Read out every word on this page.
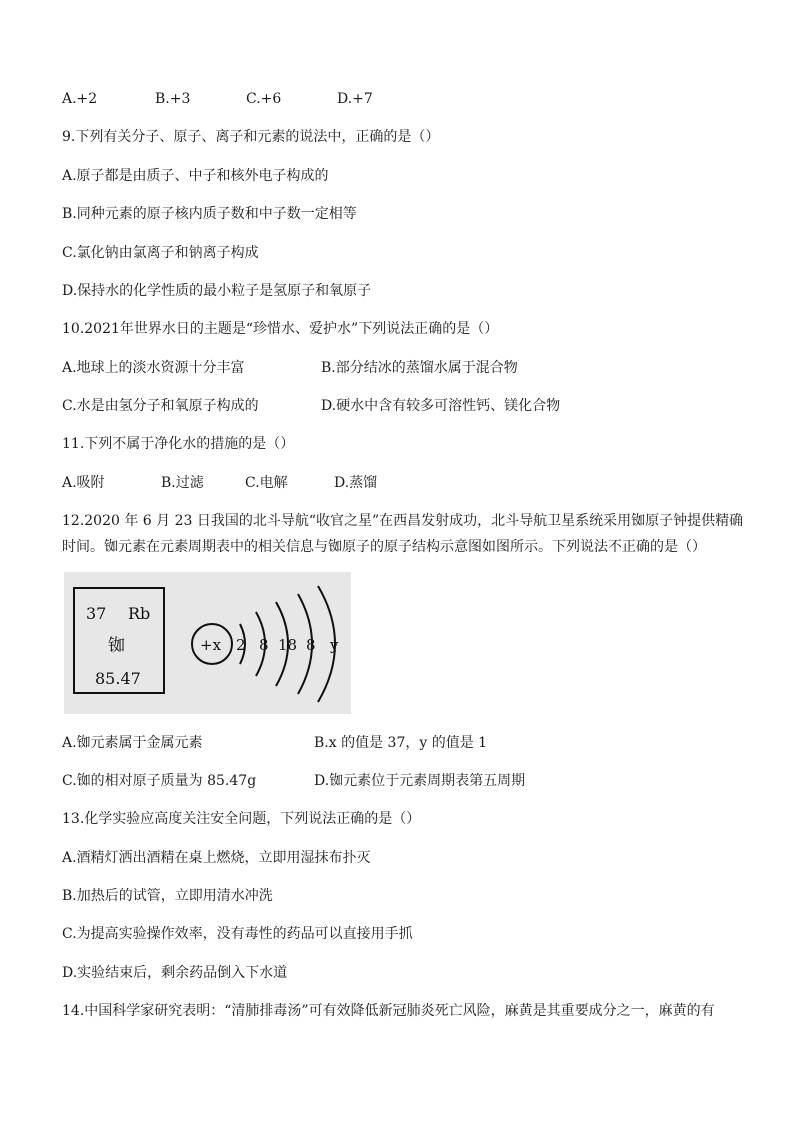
A.+2	B.+3	C.+6	D.+7
9.下列有关分子、原子、离子和元素的说法中，正确的是（）
A.原子都是由质子、中子和核外电子构成的
B.同种元素的原子核内质子数和中子数一定相等
C.氯化钠由氯离子和钠离子构成
D.保持水的化学性质的最小粒子是氢原子和氧原子
10.2021年世界水日的主题是“珍惜水、爱护水”下列说法正确的是（）
A.地球上的淡水资源十分丰富	B.部分结冰的蒸馏水属于混合物
C.水是由氢分子和氧原子构成的	D.硬水中含有较多可溶性钙、镁化合物
11.下列不属于净化水的措施的是（）
A.吸附	B.过滤	C.电解	D.蒸馏
12.2020 年 6 月 23 日我国的北斗导航“收官之星”在西昌发射成功，北斗导航卫星系统采用铷原子钟提供精确
时间。铷元素在元素周期表中的相关信息与铷原子的原子结构示意图如图所示。下列说法不正确的是（）
37 Rb
铷
85.47
+x 2 8 18 8 y
A.铷元素属于金属元素	B.x 的值是 37，y 的值是 1
C.铷的相对原子质量为 85.47g	D.铷元素位于元素周期表第五周期
13.化学实验应高度关注安全问题，下列说法正确的是（）
A.酒精灯洒出酒精在桌上燃烧，立即用湿抹布扑灭
B.加热后的试管，立即用清水冲洗
C.为提高实验操作效率，没有毒性的药品可以直接用手抓
D.实验结束后，剩余药品倒入下水道
14.中国科学家研究表明：“清肺排毒汤”可有效降低新冠肺炎死亡风险，麻黄是其重要成分之一，麻黄的有
